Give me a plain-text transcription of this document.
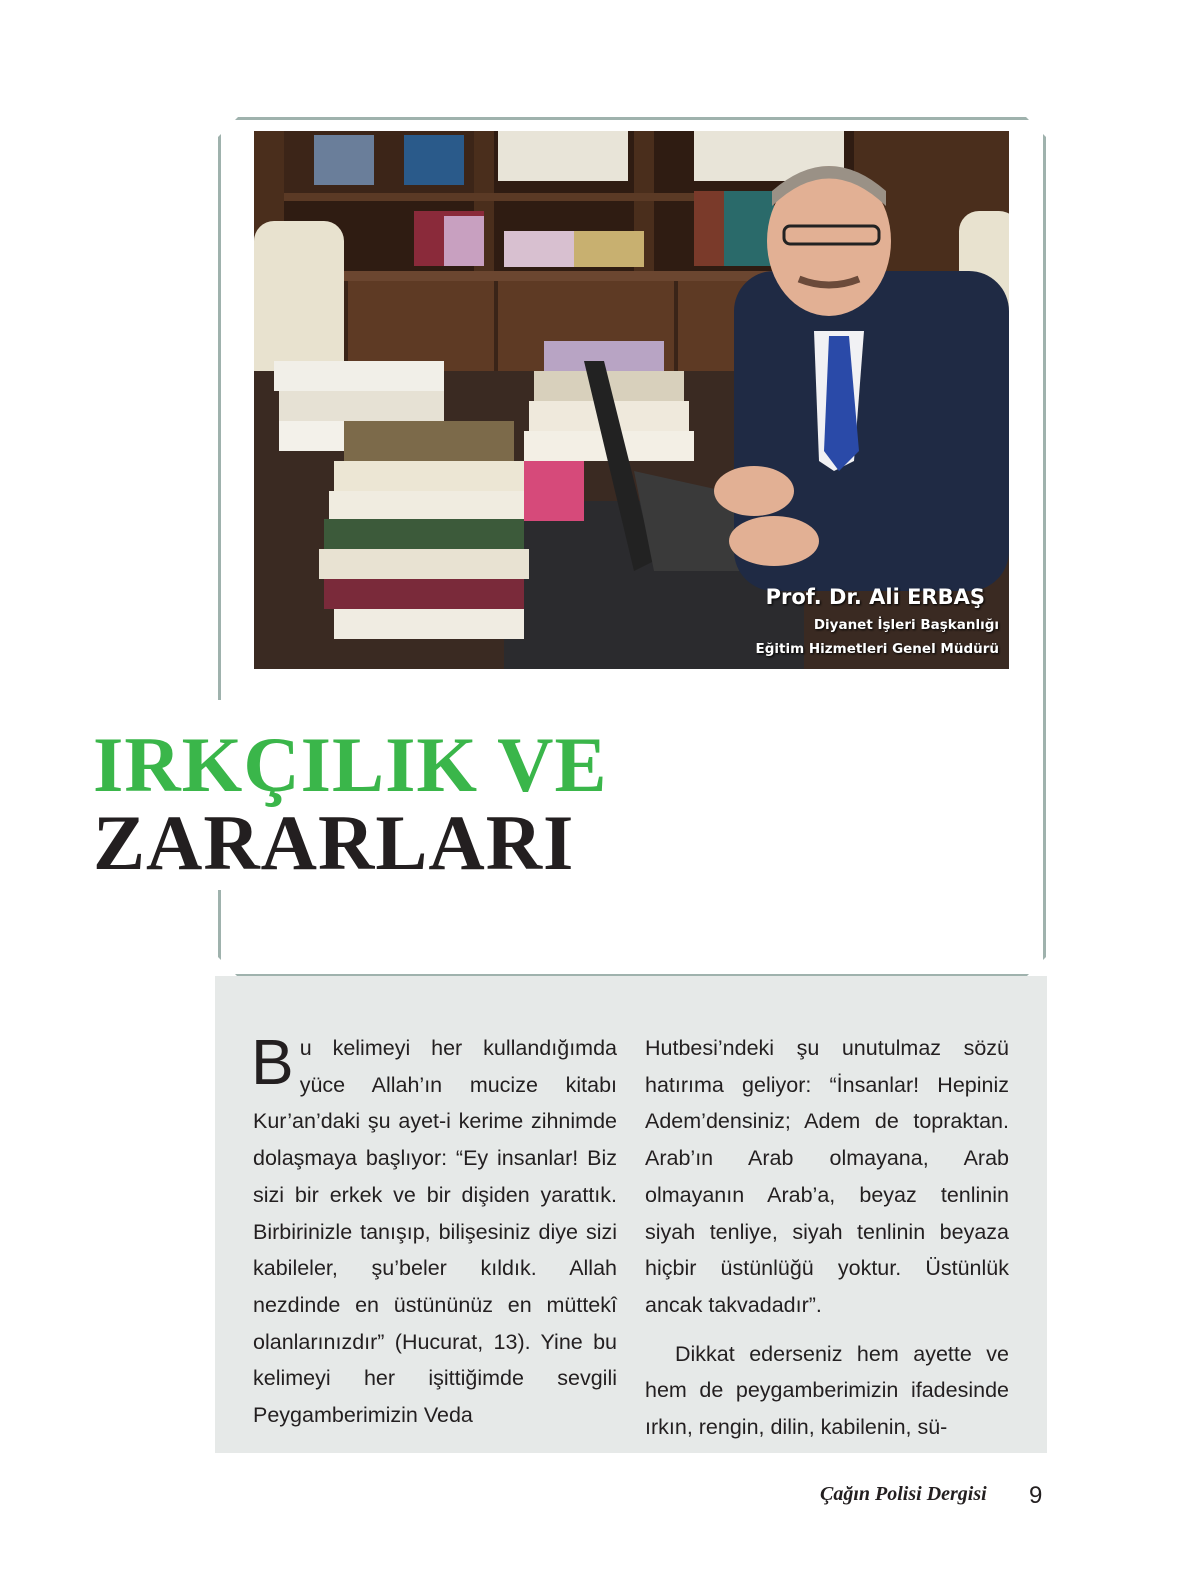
Prof. Dr. Ali ERBAŞ
Diyanet İşleri Başkanlığı
Eğitim Hizmetleri Genel Müdürü
IRKÇILIK VE
ZARARLARI

Bu kelimeyi her kullandığımda yüce Allah’ın mucize kitabı Kur’an’daki şu ayet-i kerime zihnimde dolaşmaya başlıyor: “Ey insanlar! Biz sizi bir erkek ve bir dişiden yarattık. Birbirinizle tanışıp, bilişesiniz diye sizi kabileler, şu’beler kıldık. Allah nezdinde en üstününüz en müttekî olanlarınızdır” (Hucurat, 13). Yine bu kelimeyi her işittiğimde sevgili Peygamberimizin Veda

Hutbesi’ndeki şu unutulmaz sözü hatırıma geliyor: “İnsanlar! Hepiniz Adem’densiniz; Adem de topraktan. Arab’ın Arab olmayana, Arab olmayanın Arab’a, beyaz tenlinin siyah tenliye, siyah tenlinin beyaza hiçbir üstünlüğü yoktur. Üstünlük ancak takvadadır”.

Dikkat ederseniz hem ayette ve hem de peygamberimizin ifadesinde ırkın, rengin, dilin, kabilenin, sü-

Çağın Polisi Dergisi 9
